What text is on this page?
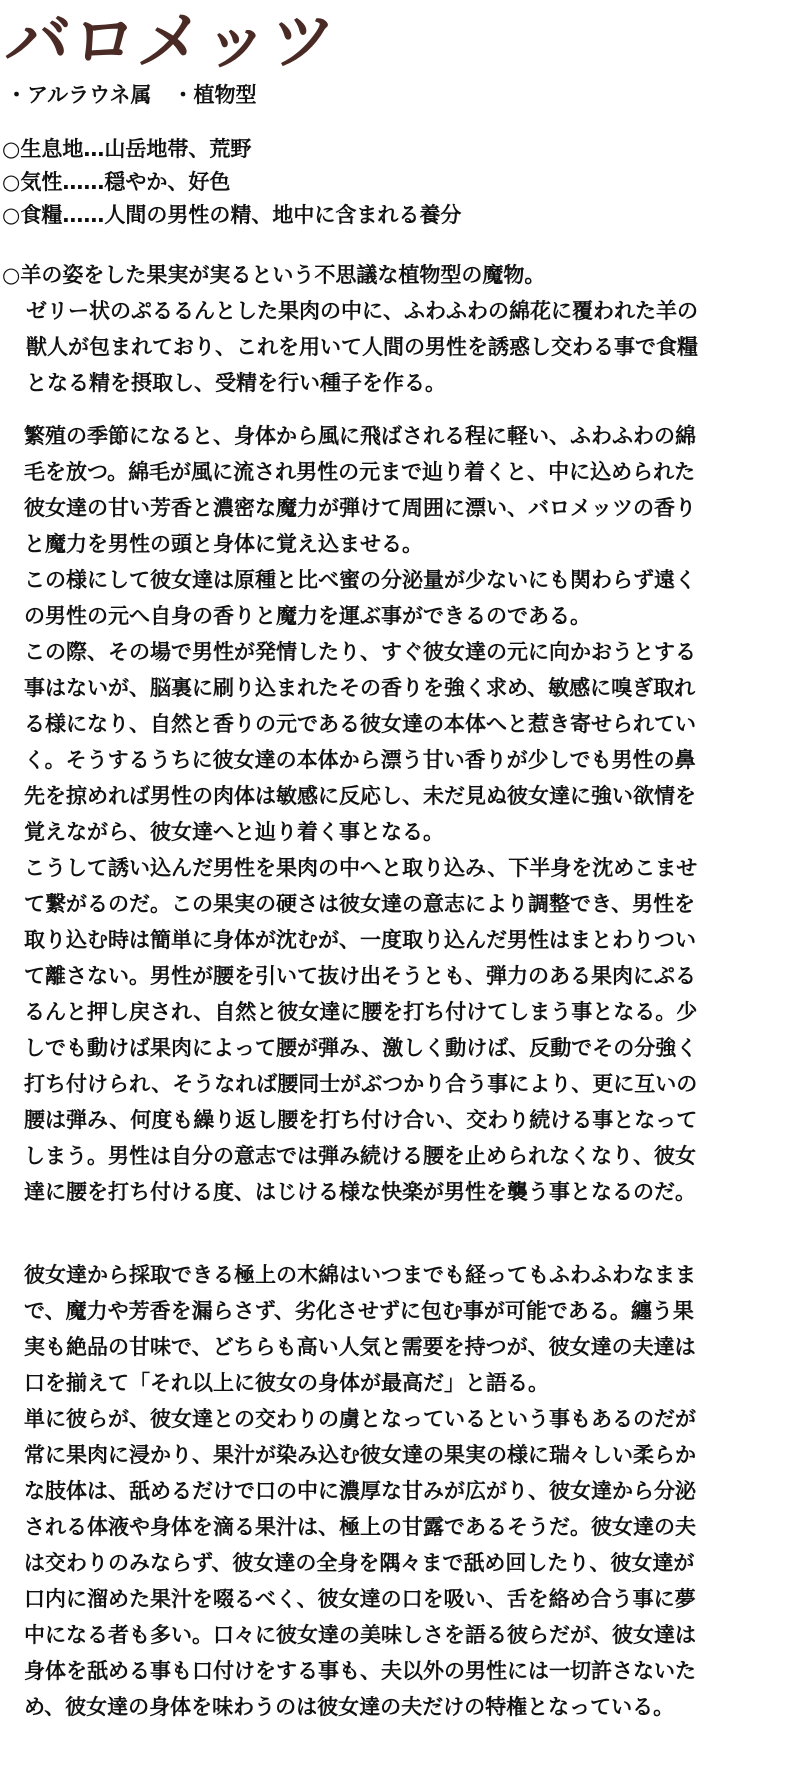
バロメッツ
・アルラウネ属　・植物型
○生息地…山岳地帯、荒野
○気性……穏やか、好色
○食糧……人間の男性の精、地中に含まれる養分
○羊の姿をした果実が実るという不思議な植物型の魔物。
ゼリー状のぷるるんとした果肉の中に、ふわふわの綿花に覆われた羊の
獣人が包まれており、これを用いて人間の男性を誘惑し交わる事で食糧
となる精を摂取し、受精を行い種子を作る。
繁殖の季節になると、身体から風に飛ばされる程に軽い、ふわふわの綿
毛を放つ。綿毛が風に流され男性の元まで辿り着くと、中に込められた
彼女達の甘い芳香と濃密な魔力が弾けて周囲に漂い、バロメッツの香り
と魔力を男性の頭と身体に覚え込ませる。
この様にして彼女達は原種と比べ蜜の分泌量が少ないにも関わらず遠く
の男性の元へ自身の香りと魔力を運ぶ事ができるのである。
この際、その場で男性が発情したり、すぐ彼女達の元に向かおうとする
事はないが、脳裏に刷り込まれたその香りを強く求め、敏感に嗅ぎ取れ
る様になり、自然と香りの元である彼女達の本体へと惹き寄せられてい
く。そうするうちに彼女達の本体から漂う甘い香りが少しでも男性の鼻
先を掠めれば男性の肉体は敏感に反応し、未だ見ぬ彼女達に強い欲情を
覚えながら、彼女達へと辿り着く事となる。
こうして誘い込んだ男性を果肉の中へと取り込み、下半身を沈めこませ
て繋がるのだ。この果実の硬さは彼女達の意志により調整でき、男性を
取り込む時は簡単に身体が沈むが、一度取り込んだ男性はまとわりつい
て離さない。男性が腰を引いて抜け出そうとも、弾力のある果肉にぷる
るんと押し戻され、自然と彼女達に腰を打ち付けてしまう事となる。少
しでも動けば果肉によって腰が弾み、激しく動けば、反動でその分強く
打ち付けられ、そうなれば腰同士がぶつかり合う事により、更に互いの
腰は弾み、何度も繰り返し腰を打ち付け合い、交わり続ける事となって
しまう。男性は自分の意志では弾み続ける腰を止められなくなり、彼女
達に腰を打ち付ける度、はじける様な快楽が男性を襲う事となるのだ。
彼女達から採取できる極上の木綿はいつまでも経ってもふわふわなまま
で、魔力や芳香を漏らさず、劣化させずに包む事が可能である。纏う果
実も絶品の甘味で、どちらも高い人気と需要を持つが、彼女達の夫達は
口を揃えて「それ以上に彼女の身体が最高だ」と語る。
単に彼らが、彼女達との交わりの虜となっているという事もあるのだが
常に果肉に浸かり、果汁が染み込む彼女達の果実の様に瑞々しい柔らか
な肢体は、舐めるだけで口の中に濃厚な甘みが広がり、彼女達から分泌
される体液や身体を滴る果汁は、極上の甘露であるそうだ。彼女達の夫
は交わりのみならず、彼女達の全身を隅々まで舐め回したり、彼女達が
口内に溜めた果汁を啜るべく、彼女達の口を吸い、舌を絡め合う事に夢
中になる者も多い。口々に彼女達の美味しさを語る彼らだが、彼女達は
身体を舐める事も口付けをする事も、夫以外の男性には一切許さないた
め、彼女達の身体を味わうのは彼女達の夫だけの特権となっている。
